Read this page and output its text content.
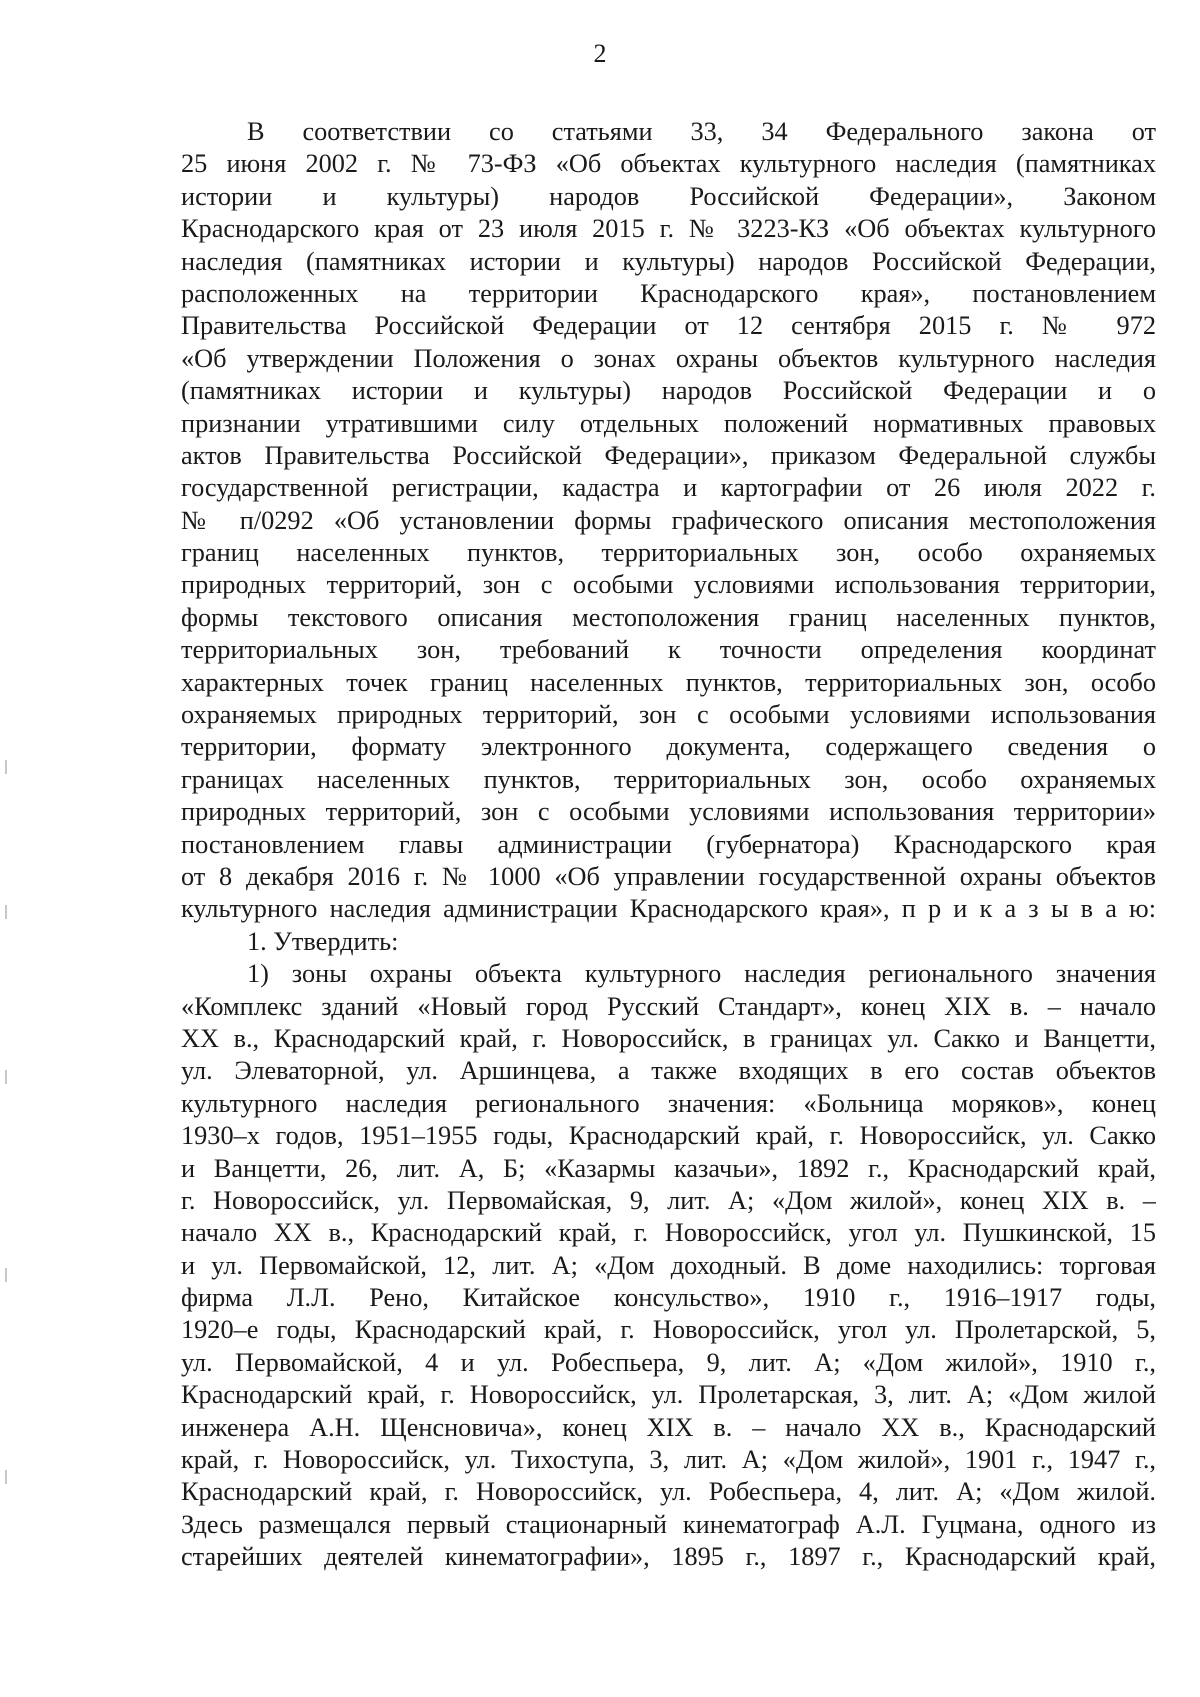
2
В соответствии со статьями 33, 34 Федерального закона от
25 июня 2002 г. № 73-ФЗ «Об объектах культурного наследия (памятниках
истории и культуры) народов Российской Федерации», Законом
Краснодарского края от 23 июля 2015 г. № 3223-КЗ «Об объектах культурного
наследия (памятниках истории и культуры) народов Российской Федерации,
расположенных на территории Краснодарского края», постановлением
Правительства Российской Федерации от 12 сентября 2015 г. № 972
«Об утверждении Положения о зонах охраны объектов культурного наследия
(памятниках истории и культуры) народов Российской Федерации и о
признании утратившими силу отдельных положений нормативных правовых
актов Правительства Российской Федерации», приказом Федеральной службы
государственной регистрации, кадастра и картографии от 26 июля 2022 г.
№ п/0292 «Об установлении формы графического описания местоположения
границ населенных пунктов, территориальных зон, особо охраняемых
природных территорий, зон с особыми условиями использования территории,
формы текстового описания местоположения границ населенных пунктов,
территориальных зон, требований к точности определения координат
характерных точек границ населенных пунктов, территориальных зон, особо
охраняемых природных территорий, зон с особыми условиями использования
территории, формату электронного документа, содержащего сведения о
границах населенных пунктов, территориальных зон, особо охраняемых
природных территорий, зон с особыми условиями использования территории»
постановлением главы администрации (губернатора) Краснодарского края
от 8 декабря 2016 г. № 1000 «Об управлении государственной охраны объектов
культурного наследия администрации Краснодарского края», п р и к а з ы в а ю:
1. Утвердить:
1) зоны охраны объекта культурного наследия регионального значения
«Комплекс зданий «Новый город Русский Стандарт», конец XIX в. – начало
XX в., Краснодарский край, г. Новороссийск, в границах ул. Сакко и Ванцетти,
ул. Элеваторной, ул. Аршинцева, а также входящих в его состав объектов
культурного наследия регионального значения: «Больница моряков», конец
1930–х годов, 1951–1955 годы, Краснодарский край, г. Новороссийск, ул. Сакко
и Ванцетти, 26, лит. А, Б; «Казармы казачьи», 1892 г., Краснодарский край,
г. Новороссийск, ул. Первомайская, 9, лит. А; «Дом жилой», конец XIX в. –
начало XX в., Краснодарский край, г. Новороссийск, угол ул. Пушкинской, 15
и ул. Первомайской, 12, лит. А; «Дом доходный. В доме находились: торговая
фирма Л.Л. Рено, Китайское консульство», 1910 г., 1916–1917 годы,
1920–е годы, Краснодарский край, г. Новороссийск, угол ул. Пролетарской, 5,
ул. Первомайской, 4 и ул. Робеспьера, 9, лит. А; «Дом жилой», 1910 г.,
Краснодарский край, г. Новороссийск, ул. Пролетарская, 3, лит. А; «Дом жилой
инженера А.Н. Щенсновича», конец XIX в. – начало XX в., Краснодарский
край, г. Новороссийск, ул. Тихоступа, 3, лит. А; «Дом жилой», 1901 г., 1947 г.,
Краснодарский край, г. Новороссийск, ул. Робеспьера, 4, лит. А; «Дом жилой.
Здесь размещался первый стационарный кинематограф А.Л. Гуцмана, одного из
старейших деятелей кинематографии», 1895 г., 1897 г., Краснодарский край,
